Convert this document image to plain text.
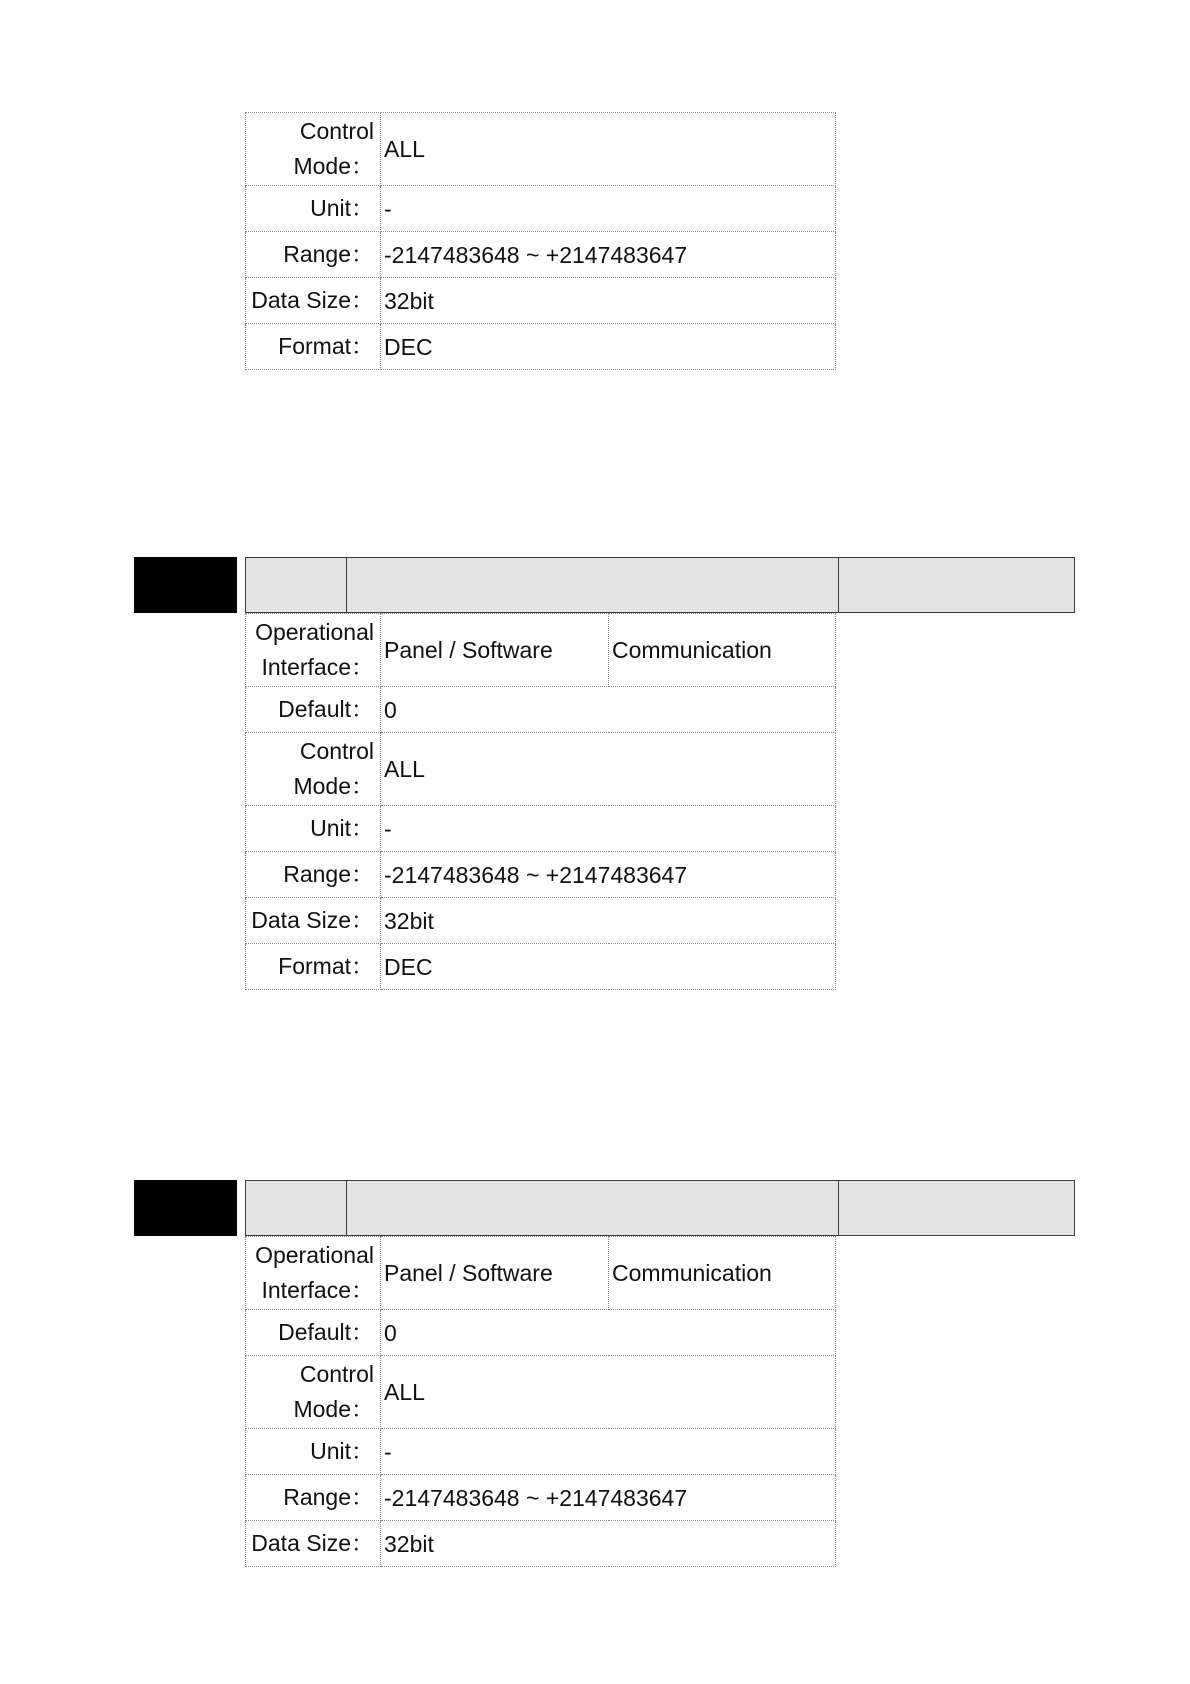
Control
Mode：	ALL
Unit：	-
Range：	-2147483648 ~ +2147483647
Data Size：	32bit
Format：	DEC
Operational
Interface：	Panel / Software	Communication
Default：	0	
Control
Mode：	ALL	
Unit：	-	
Range：	-2147483648 ~ +2147483647	
Data Size：	32bit	
Format：	DEC	
Operational
Interface：	Panel / Software	Communication
Default：	0	
Control
Mode：	ALL	
Unit：	-	
Range：	-2147483648 ~ +2147483647	
Data Size：	32bit	
